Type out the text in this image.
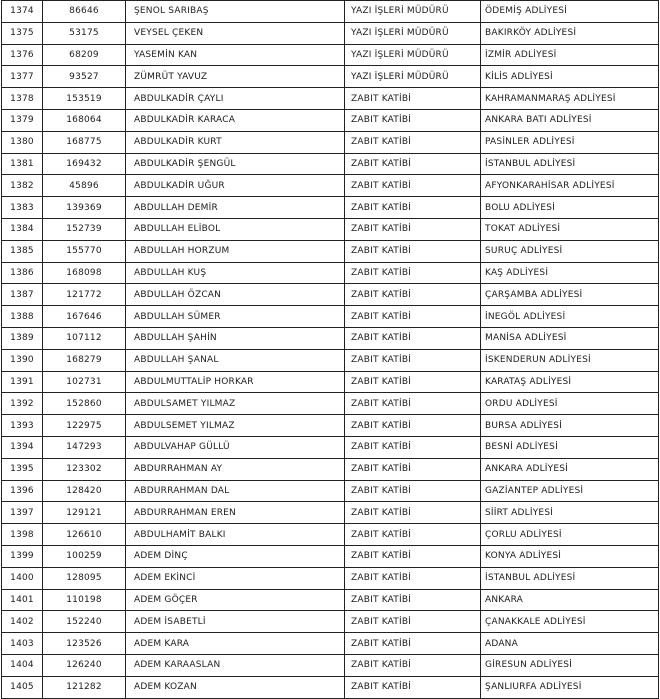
1374	86646	ŞENOL SARIBAŞ	YAZI İŞLERİ MÜDÜRÜ	ÖDEMİŞ ADLİYESİ
1375	53175	VEYSEL ÇEKEN	YAZI İŞLERİ MÜDÜRÜ	BAKIRKÖY ADLİYESİ
1376	68209	YASEMİN KAN	YAZI İŞLERİ MÜDÜRÜ	İZMİR ADLİYESİ
1377	93527	ZÜMRÜT YAVUZ	YAZI İŞLERİ MÜDÜRÜ	KİLİS ADLİYESİ
1378	153519	ABDULKADİR ÇAYLI	ZABIT KATİBİ	KAHRAMANMARAŞ ADLİYESİ
1379	168064	ABDULKADİR KARACA	ZABIT KATİBİ	ANKARA BATI ADLİYESİ
1380	168775	ABDULKADİR KURT	ZABIT KATİBİ	PASİNLER ADLİYESİ
1381	169432	ABDULKADİR ŞENGÜL	ZABIT KATİBİ	İSTANBUL ADLİYESİ
1382	45896	ABDULKADİR UĞUR	ZABIT KATİBİ	AFYONKARAHİSAR ADLİYESİ
1383	139369	ABDULLAH DEMİR	ZABIT KATİBİ	BOLU ADLİYESİ
1384	152739	ABDULLAH ELİBOL	ZABIT KATİBİ	TOKAT ADLİYESİ
1385	155770	ABDULLAH HORZUM	ZABIT KATİBİ	SURUÇ ADLİYESİ
1386	168098	ABDULLAH KUŞ	ZABIT KATİBİ	KAŞ ADLİYESİ
1387	121772	ABDULLAH ÖZCAN	ZABIT KATİBİ	ÇARŞAMBA ADLİYESİ
1388	167646	ABDULLAH SÜMER	ZABIT KATİBİ	İNEGÖL ADLİYESİ
1389	107112	ABDULLAH ŞAHİN	ZABIT KATİBİ	MANİSA ADLİYESİ
1390	168279	ABDULLAH ŞANAL	ZABIT KATİBİ	İSKENDERUN ADLİYESİ
1391	102731	ABDULMUTTALİP HORKAR	ZABIT KATİBİ	KARATAŞ ADLİYESİ
1392	152860	ABDULSAMET YILMAZ	ZABIT KATİBİ	ORDU ADLİYESİ
1393	122975	ABDULSEMET YILMAZ	ZABIT KATİBİ	BURSA ADLİYESİ
1394	147293	ABDULVAHAP GÜLLÜ	ZABIT KATİBİ	BESNİ ADLİYESİ
1395	123302	ABDURRAHMAN AY	ZABIT KATİBİ	ANKARA ADLİYESİ
1396	128420	ABDURRAHMAN DAL	ZABIT KATİBİ	GAZİANTEP ADLİYESİ
1397	129121	ABDURRAHMAN EREN	ZABIT KATİBİ	SİİRT ADLİYESİ
1398	126610	ABDULHAMİT BALKI	ZABIT KATİBİ	ÇORLU ADLİYESİ
1399	100259	ADEM DİNÇ	ZABIT KATİBİ	KONYA ADLİYESİ
1400	128095	ADEM EKİNCİ	ZABIT KATİBİ	İSTANBUL ADLİYESİ
1401	110198	ADEM GÖÇER	ZABIT KATİBİ	ANKARA
1402	152240	ADEM İSABETLİ	ZABIT KATİBİ	ÇANAKKALE ADLİYESİ
1403	123526	ADEM KARA	ZABIT KATİBİ	ADANA
1404	126240	ADEM KARAASLAN	ZABIT KATİBİ	GİRESUN ADLİYESİ
1405	121282	ADEM KOZAN	ZABIT KATİBİ	ŞANLIURFA ADLİYESİ
